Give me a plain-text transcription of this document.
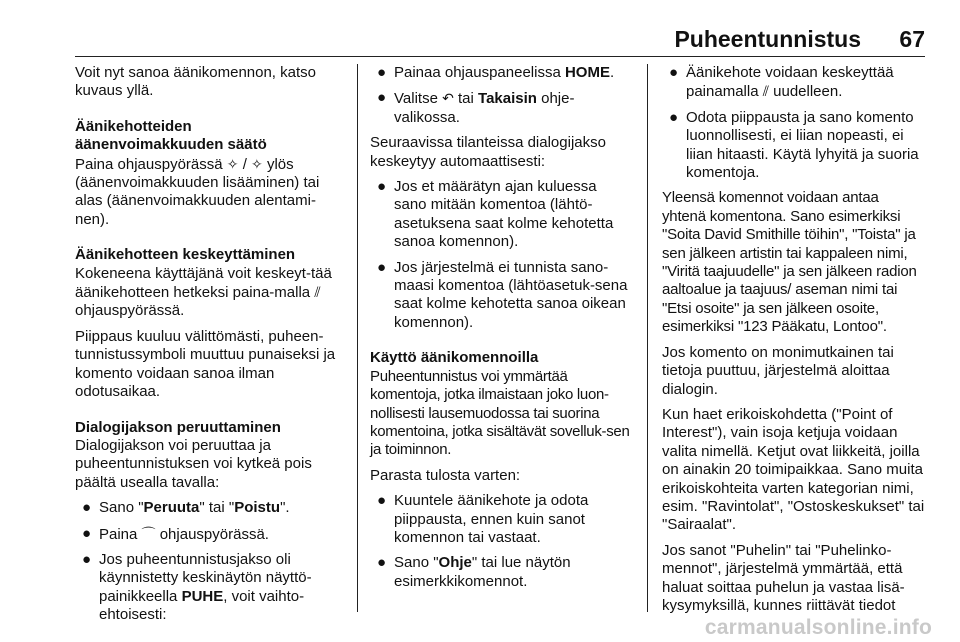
Puheentunnistus 67

Voit nyt sanoa äänikomennon, katso kuvaus yllä.

Äänikehotteiden

äänenvoimakkuuden säätö

Paina ohjauspyörässä ✧ / ✧ ylös (äänenvoimakkuuden lisääminen) tai alas (äänenvoimakkuuden alentami-nen).

Äänikehotteen keskeyttäminen

Kokeneena käyttäjänä voit keskeyt-tää äänikehotteen hetkeksi paina-malla ⫽ ohjauspyörässä.

Piippaus kuuluu välittömästi, puheen-tunnistussymboli muuttuu punaiseksi ja komento voidaan sanoa ilman odotusaikaa.

Dialogijakson peruuttaminen

Dialogijakson voi peruuttaa ja puheentunnistuksen voi kytkeä pois päältä usealla tavalla:

● Sano "Peruuta" tai "Poistu".
● Paina ⌒ ohjauspyörässä.
● Jos puheentunnistusjakso oli käynnistetty keskinäytön näyttö-painikkeella PUHE, voit vaihto-ehtoisesti:
● Painaa ohjauspaneelissa HOME.
● Valitse ↶ tai Takaisin ohje-valikossa.

Seuraavissa tilanteissa dialogijakso keskeytyy automaattisesti:

● Jos et määrätyn ajan kuluessa sano mitään komentoa (lähtö-asetuksena saat kolme kehotetta sanoa komennon).
● Jos järjestelmä ei tunnista sano-maasi komentoa (lähtöasetuk-sena saat kolme kehotetta sanoa oikean komennon).

Käyttö äänikomennoilla

Puheentunnistus voi ymmärtää komentoja, jotka ilmaistaan joko luon-nollisesti lausemuodossa tai suorina komentoina, jotka sisältävät sovelluk-sen ja toiminnon.

Parasta tulosta varten:

● Kuuntele äänikehote ja odota piippausta, ennen kuin sanot komennon tai vastaat.
● Sano "Ohje" tai lue näytön esimerkkikomennot.
● Äänikehote voidaan keskeyttää painamalla ⫽ uudelleen.
● Odota piippausta ja sano komento luonnollisesti, ei liian nopeasti, ei liian hitaasti. Käytä lyhyitä ja suoria komentoja.

Yleensä komennot voidaan antaa yhtenä komentona. Sano esimerkiksi "Soita David Smithille töihin", "Toista" ja sen jälkeen artistin tai kappaleen nimi, "Viritä taajuudelle" ja sen jälkeen radion aaltoalue ja taajuus/ aseman nimi tai "Etsi osoite" ja sen jälkeen osoite, esimerkiksi "123 Pääkatu, Lontoo".

Jos komento on monimutkainen tai tietoja puuttuu, järjestelmä aloittaa dialogin.

Kun haet erikoiskohdetta ("Point of Interest"), vain isoja ketjuja voidaan valita nimellä. Ketjut ovat liikkeitä, joilla on ainakin 20 toimipaikkaa. Sano muita erikoiskohteita varten kategorian nimi, esim. "Ravintolat", "Ostoskeskukset" tai "Sairaalat".

Jos sanot "Puhelin" tai "Puhelinko-mennot", järjestelmä ymmärtää, että haluat soittaa puhelun ja vastaa lisä-kysymyksillä, kunnes riittävät tiedot

carmanualsonline.info
